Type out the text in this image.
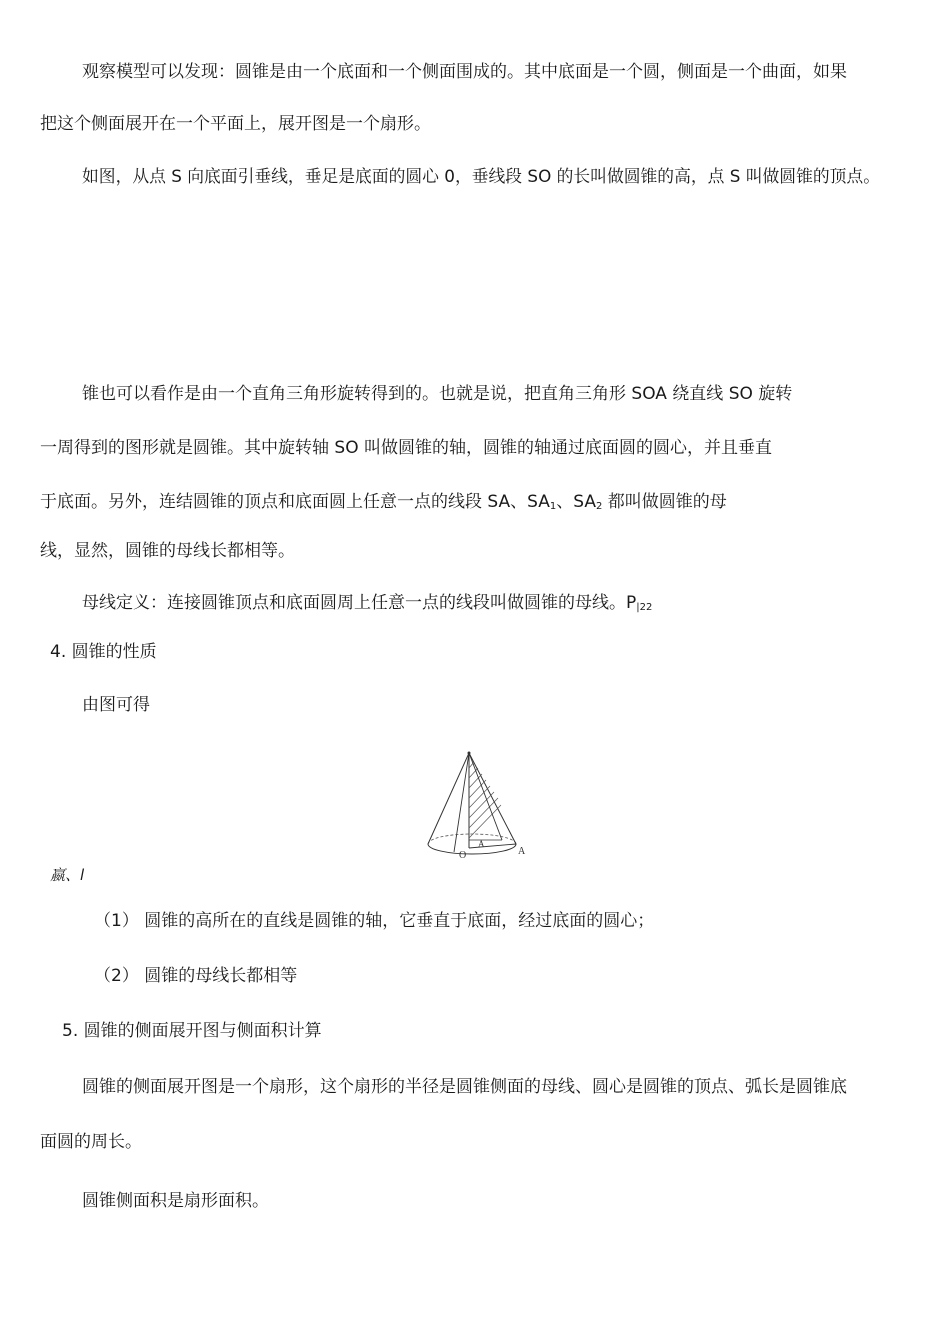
观察模型可以发现：圆锥是由一个底面和一个侧面围成的。其中底面是一个圆，侧面是一个曲面，如果
把这个侧面展开在一个平面上，展开图是一个扇形。
如图，从点 S 向底面引垂线，垂足是底面的圆心 0，垂线段 SO 的长叫做圆锥的高，点 S 叫做圆锥的顶点。
锥也可以看作是由一个直角三角形旋转得到的。也就是说，把直角三角形 SOA 绕直线 SO 旋转
一周得到的图形就是圆锥。其中旋转轴 SO 叫做圆锥的轴，圆锥的轴通过底面圆的圆心，并且垂直
于底面。另外，连结圆锥的顶点和底面圆上任意一点的线段 SA、$SA_1$、$SA_2$ 都叫做圆锥的母
线，显然，圆锥的母线长都相等。
母线定义：连接圆锥顶点和底面圆周上任意一点的线段叫做圆锥的母线。$P_{|22}$
4. 圆锥的性质
由图可得
O	A
A
嬴、l
（1） 圆锥的高所在的直线是圆锥的轴，它垂直于底面，经过底面的圆心；
（2） 圆锥的母线长都相等
5. 圆锥的侧面展开图与侧面积计算
圆锥的侧面展开图是一个扇形，这个扇形的半径是圆锥侧面的母线、圆心是圆锥的顶点、弧长是圆锥底
面圆的周长。
圆锥侧面积是扇形面积。
